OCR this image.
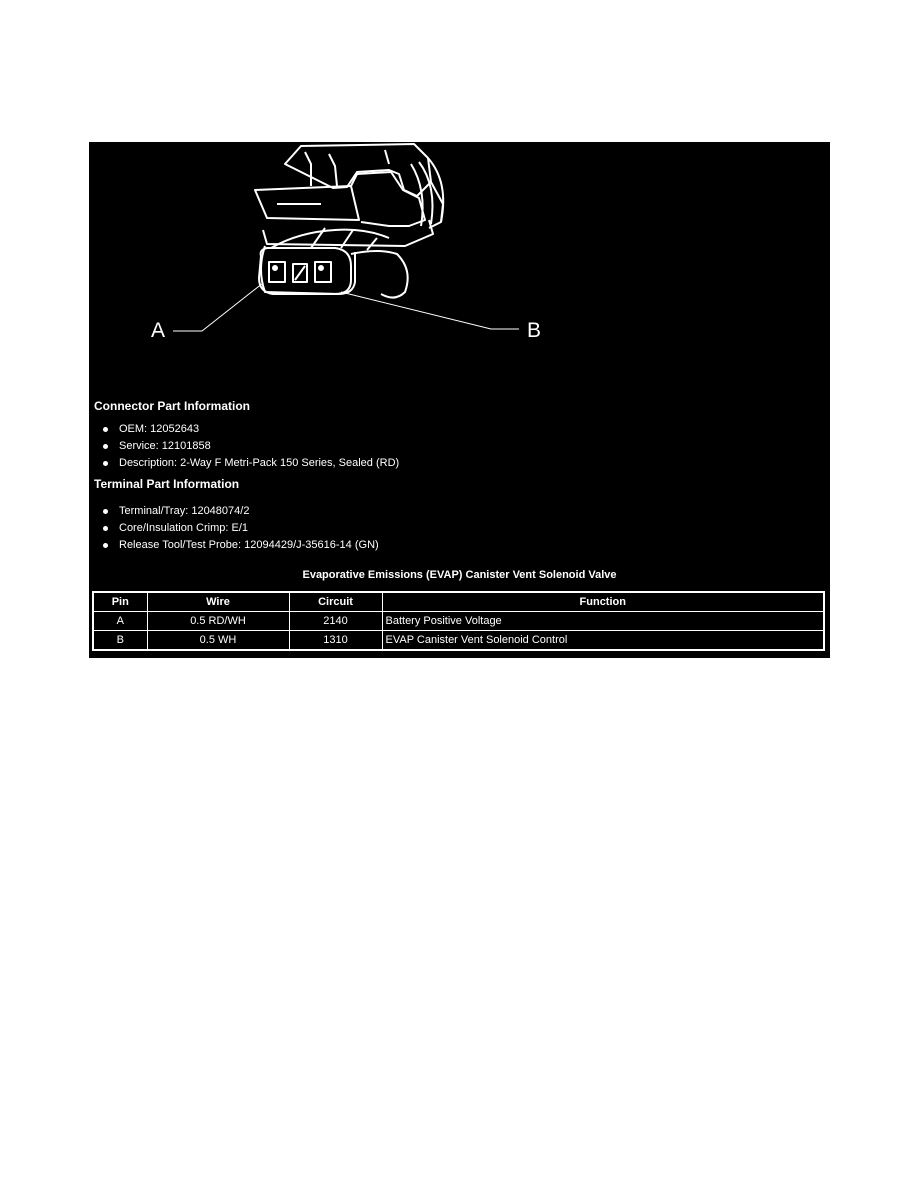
A	B
Connector Part Information
OEM: 12052643
Service: 12101858
Description: 2-Way F Metri-Pack 150 Series, Sealed (RD)
Terminal Part Information
Terminal/Tray: 12048074/2
Core/Insulation Crimp: E/1
Release Tool/Test Probe: 12094429/J-35616-14 (GN)
Evaporative Emissions (EVAP) Canister Vent Solenoid Valve
Pin	Wire	Circuit	Function
A	0.5 RD/WH	2140	Battery Positive Voltage
B	0.5 WH	1310	EVAP Canister Vent Solenoid Control
